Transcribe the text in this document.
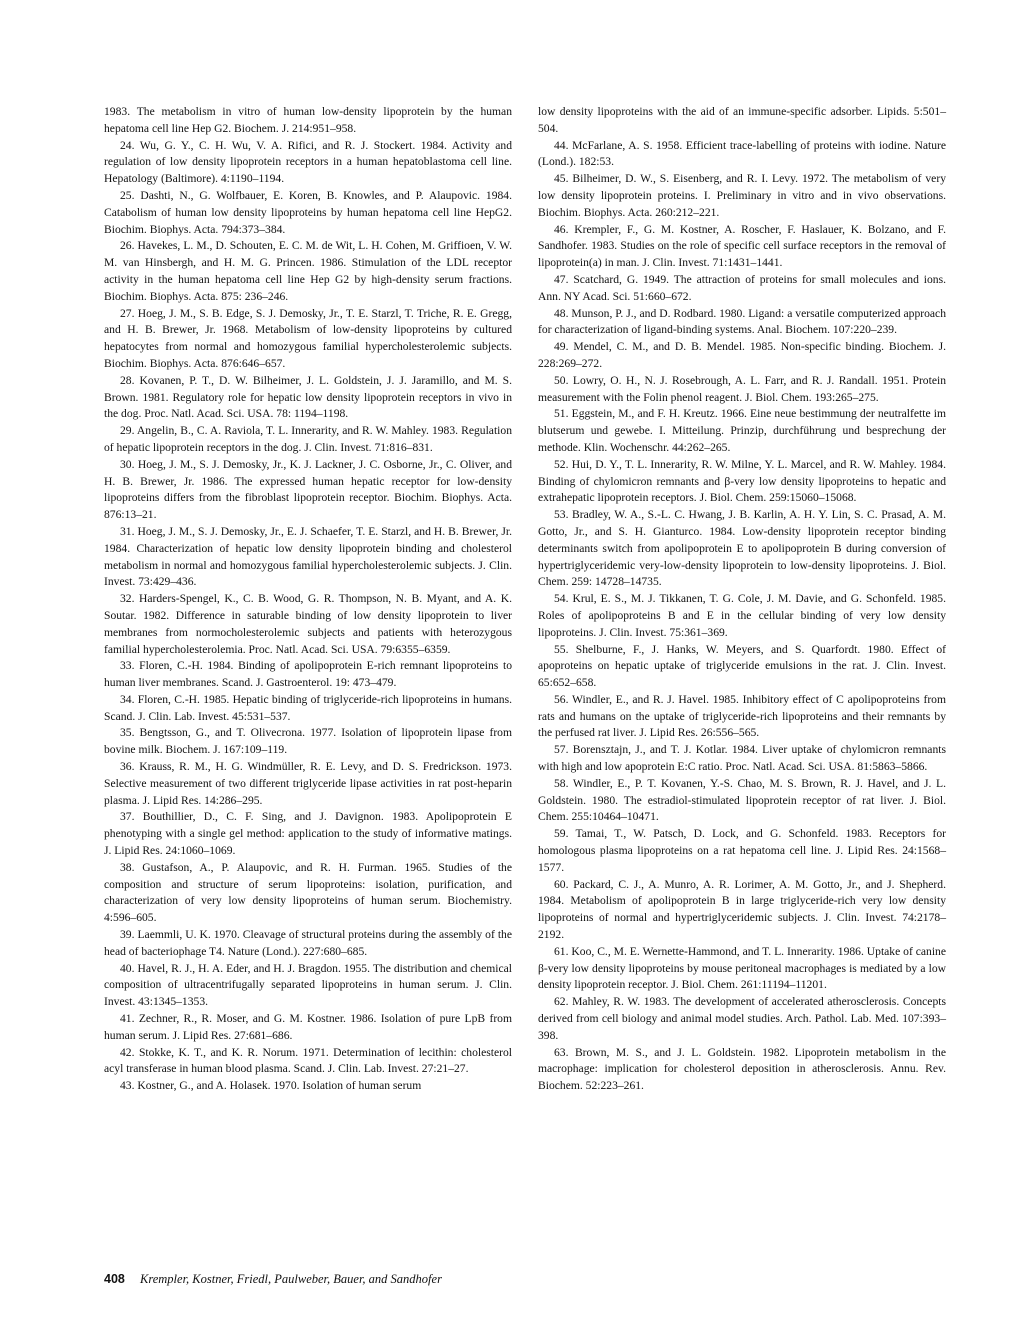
1983. The metabolism in vitro of human low-density lipoprotein by the human hepatoma cell line Hep G2. Biochem. J. 214:951–958.

24. Wu, G. Y., C. H. Wu, V. A. Rifici, and R. J. Stockert. 1984. Activity and regulation of low density lipoprotein receptors in a human hepatoblastoma cell line. Hepatology (Baltimore). 4:1190–1194.

25. Dashti, N., G. Wolfbauer, E. Koren, B. Knowles, and P. Alaupovic. 1984. Catabolism of human low density lipoproteins by human hepatoma cell line HepG2. Biochim. Biophys. Acta. 794:373–384.

26. Havekes, L. M., D. Schouten, E. C. M. de Wit, L. H. Cohen, M. Griffioen, V. W. M. van Hinsbergh, and H. M. G. Princen. 1986. Stimulation of the LDL receptor activity in the human hepatoma cell line Hep G2 by high-density serum fractions. Biochim. Biophys. Acta. 875: 236–246.

27. Hoeg, J. M., S. B. Edge, S. J. Demosky, Jr., T. E. Starzl, T. Triche, R. E. Gregg, and H. B. Brewer, Jr. 1968. Metabolism of low-density lipoproteins by cultured hepatocytes from normal and homozygous familial hypercholesterolemic subjects. Biochim. Biophys. Acta. 876:646–657.

28. Kovanen, P. T., D. W. Bilheimer, J. L. Goldstein, J. J. Jaramillo, and M. S. Brown. 1981. Regulatory role for hepatic low density lipoprotein receptors in vivo in the dog. Proc. Natl. Acad. Sci. USA. 78: 1194–1198.

29. Angelin, B., C. A. Raviola, T. L. Innerarity, and R. W. Mahley. 1983. Regulation of hepatic lipoprotein receptors in the dog. J. Clin. Invest. 71:816–831.

30. Hoeg, J. M., S. J. Demosky, Jr., K. J. Lackner, J. C. Osborne, Jr., C. Oliver, and H. B. Brewer, Jr. 1986. The expressed human hepatic receptor for low-density lipoproteins differs from the fibroblast lipoprotein receptor. Biochim. Biophys. Acta. 876:13–21.

31. Hoeg, J. M., S. J. Demosky, Jr., E. J. Schaefer, T. E. Starzl, and H. B. Brewer, Jr. 1984. Characterization of hepatic low density lipoprotein binding and cholesterol metabolism in normal and homozygous familial hypercholesterolemic subjects. J. Clin. Invest. 73:429–436.

32. Harders-Spengel, K., C. B. Wood, G. R. Thompson, N. B. Myant, and A. K. Soutar. 1982. Difference in saturable binding of low density lipoprotein to liver membranes from normocholesterolemic subjects and patients with heterozygous familial hypercholesterolemia. Proc. Natl. Acad. Sci. USA. 79:6355–6359.

33. Floren, C.-H. 1984. Binding of apolipoprotein E-rich remnant lipoproteins to human liver membranes. Scand. J. Gastroenterol. 19: 473–479.

34. Floren, C.-H. 1985. Hepatic binding of triglyceride-rich lipoproteins in humans. Scand. J. Clin. Lab. Invest. 45:531–537.

35. Bengtsson, G., and T. Olivecrona. 1977. Isolation of lipoprotein lipase from bovine milk. Biochem. J. 167:109–119.

36. Krauss, R. M., H. G. Windmüller, R. E. Levy, and D. S. Fredrickson. 1973. Selective measurement of two different triglyceride lipase activities in rat post-heparin plasma. J. Lipid Res. 14:286–295.

37. Bouthillier, D., C. F. Sing, and J. Davignon. 1983. Apolipoprotein E phenotyping with a single gel method: application to the study of informative matings. J. Lipid Res. 24:1060–1069.

38. Gustafson, A., P. Alaupovic, and R. H. Furman. 1965. Studies of the composition and structure of serum lipoproteins: isolation, purification, and characterization of very low density lipoproteins of human serum. Biochemistry. 4:596–605.

39. Laemmli, U. K. 1970. Cleavage of structural proteins during the assembly of the head of bacteriophage T4. Nature (Lond.). 227:680–685.

40. Havel, R. J., H. A. Eder, and H. J. Bragdon. 1955. The distribution and chemical composition of ultracentrifugally separated lipoproteins in human serum. J. Clin. Invest. 43:1345–1353.

41. Zechner, R., R. Moser, and G. M. Kostner. 1986. Isolation of pure LpB from human serum. J. Lipid Res. 27:681–686.

42. Stokke, K. T., and K. R. Norum. 1971. Determination of lecithin: cholesterol acyl transferase in human blood plasma. Scand. J. Clin. Lab. Invest. 27:21–27.

43. Kostner, G., and A. Holasek. 1970. Isolation of human serum

low density lipoproteins with the aid of an immune-specific adsorber. Lipids. 5:501–504.

44. McFarlane, A. S. 1958. Efficient trace-labelling of proteins with iodine. Nature (Lond.). 182:53.

45. Bilheimer, D. W., S. Eisenberg, and R. I. Levy. 1972. The metabolism of very low density lipoprotein proteins. I. Preliminary in vitro and in vivo observations. Biochim. Biophys. Acta. 260:212–221.

46. Krempler, F., G. M. Kostner, A. Roscher, F. Haslauer, K. Bolzano, and F. Sandhofer. 1983. Studies on the role of specific cell surface receptors in the removal of lipoprotein(a) in man. J. Clin. Invest. 71:1431–1441.

47. Scatchard, G. 1949. The attraction of proteins for small molecules and ions. Ann. NY Acad. Sci. 51:660–672.

48. Munson, P. J., and D. Rodbard. 1980. Ligand: a versatile computerized approach for characterization of ligand-binding systems. Anal. Biochem. 107:220–239.

49. Mendel, C. M., and D. B. Mendel. 1985. Non-specific binding. Biochem. J. 228:269–272.

50. Lowry, O. H., N. J. Rosebrough, A. L. Farr, and R. J. Randall. 1951. Protein measurement with the Folin phenol reagent. J. Biol. Chem. 193:265–275.

51. Eggstein, M., and F. H. Kreutz. 1966. Eine neue bestimmung der neutralfette im blutserum und gewebe. I. Mitteilung. Prinzip, durchführung und besprechung der methode. Klin. Wochenschr. 44:262–265.

52. Hui, D. Y., T. L. Innerarity, R. W. Milne, Y. L. Marcel, and R. W. Mahley. 1984. Binding of chylomicron remnants and β-very low density lipoproteins to hepatic and extrahepatic lipoprotein receptors. J. Biol. Chem. 259:15060–15068.

53. Bradley, W. A., S.-L. C. Hwang, J. B. Karlin, A. H. Y. Lin, S. C. Prasad, A. M. Gotto, Jr., and S. H. Gianturco. 1984. Low-density lipoprotein receptor binding determinants switch from apolipoprotein E to apolipoprotein B during conversion of hypertriglyceridemic very-low-density lipoprotein to low-density lipoproteins. J. Biol. Chem. 259: 14728–14735.

54. Krul, E. S., M. J. Tikkanen, T. G. Cole, J. M. Davie, and G. Schonfeld. 1985. Roles of apolipoproteins B and E in the cellular binding of very low density lipoproteins. J. Clin. Invest. 75:361–369.

55. Shelburne, F., J. Hanks, W. Meyers, and S. Quarfordt. 1980. Effect of apoproteins on hepatic uptake of triglyceride emulsions in the rat. J. Clin. Invest. 65:652–658.

56. Windler, E., and R. J. Havel. 1985. Inhibitory effect of C apolipoproteins from rats and humans on the uptake of triglyceride-rich lipoproteins and their remnants by the perfused rat liver. J. Lipid Res. 26:556–565.

57. Borensztajn, J., and T. J. Kotlar. 1984. Liver uptake of chylomicron remnants with high and low apoprotein E:C ratio. Proc. Natl. Acad. Sci. USA. 81:5863–5866.

58. Windler, E., P. T. Kovanen, Y.-S. Chao, M. S. Brown, R. J. Havel, and J. L. Goldstein. 1980. The estradiol-stimulated lipoprotein receptor of rat liver. J. Biol. Chem. 255:10464–10471.

59. Tamai, T., W. Patsch, D. Lock, and G. Schonfeld. 1983. Receptors for homologous plasma lipoproteins on a rat hepatoma cell line. J. Lipid Res. 24:1568–1577.

60. Packard, C. J., A. Munro, A. R. Lorimer, A. M. Gotto, Jr., and J. Shepherd. 1984. Metabolism of apolipoprotein B in large triglyceride-rich very low density lipoproteins of normal and hypertriglyceridemic subjects. J. Clin. Invest. 74:2178–2192.

61. Koo, C., M. E. Wernette-Hammond, and T. L. Innerarity. 1986. Uptake of canine β-very low density lipoproteins by mouse peritoneal macrophages is mediated by a low density lipoprotein receptor. J. Biol. Chem. 261:11194–11201.

62. Mahley, R. W. 1983. The development of accelerated atherosclerosis. Concepts derived from cell biology and animal model studies. Arch. Pathol. Lab. Med. 107:393–398.

63. Brown, M. S., and J. L. Goldstein. 1982. Lipoprotein metabolism in the macrophage: implication for cholesterol deposition in atherosclerosis. Annu. Rev. Biochem. 52:223–261.

408 Krempler, Kostner, Friedl, Paulweber, Bauer, and Sandhofer
